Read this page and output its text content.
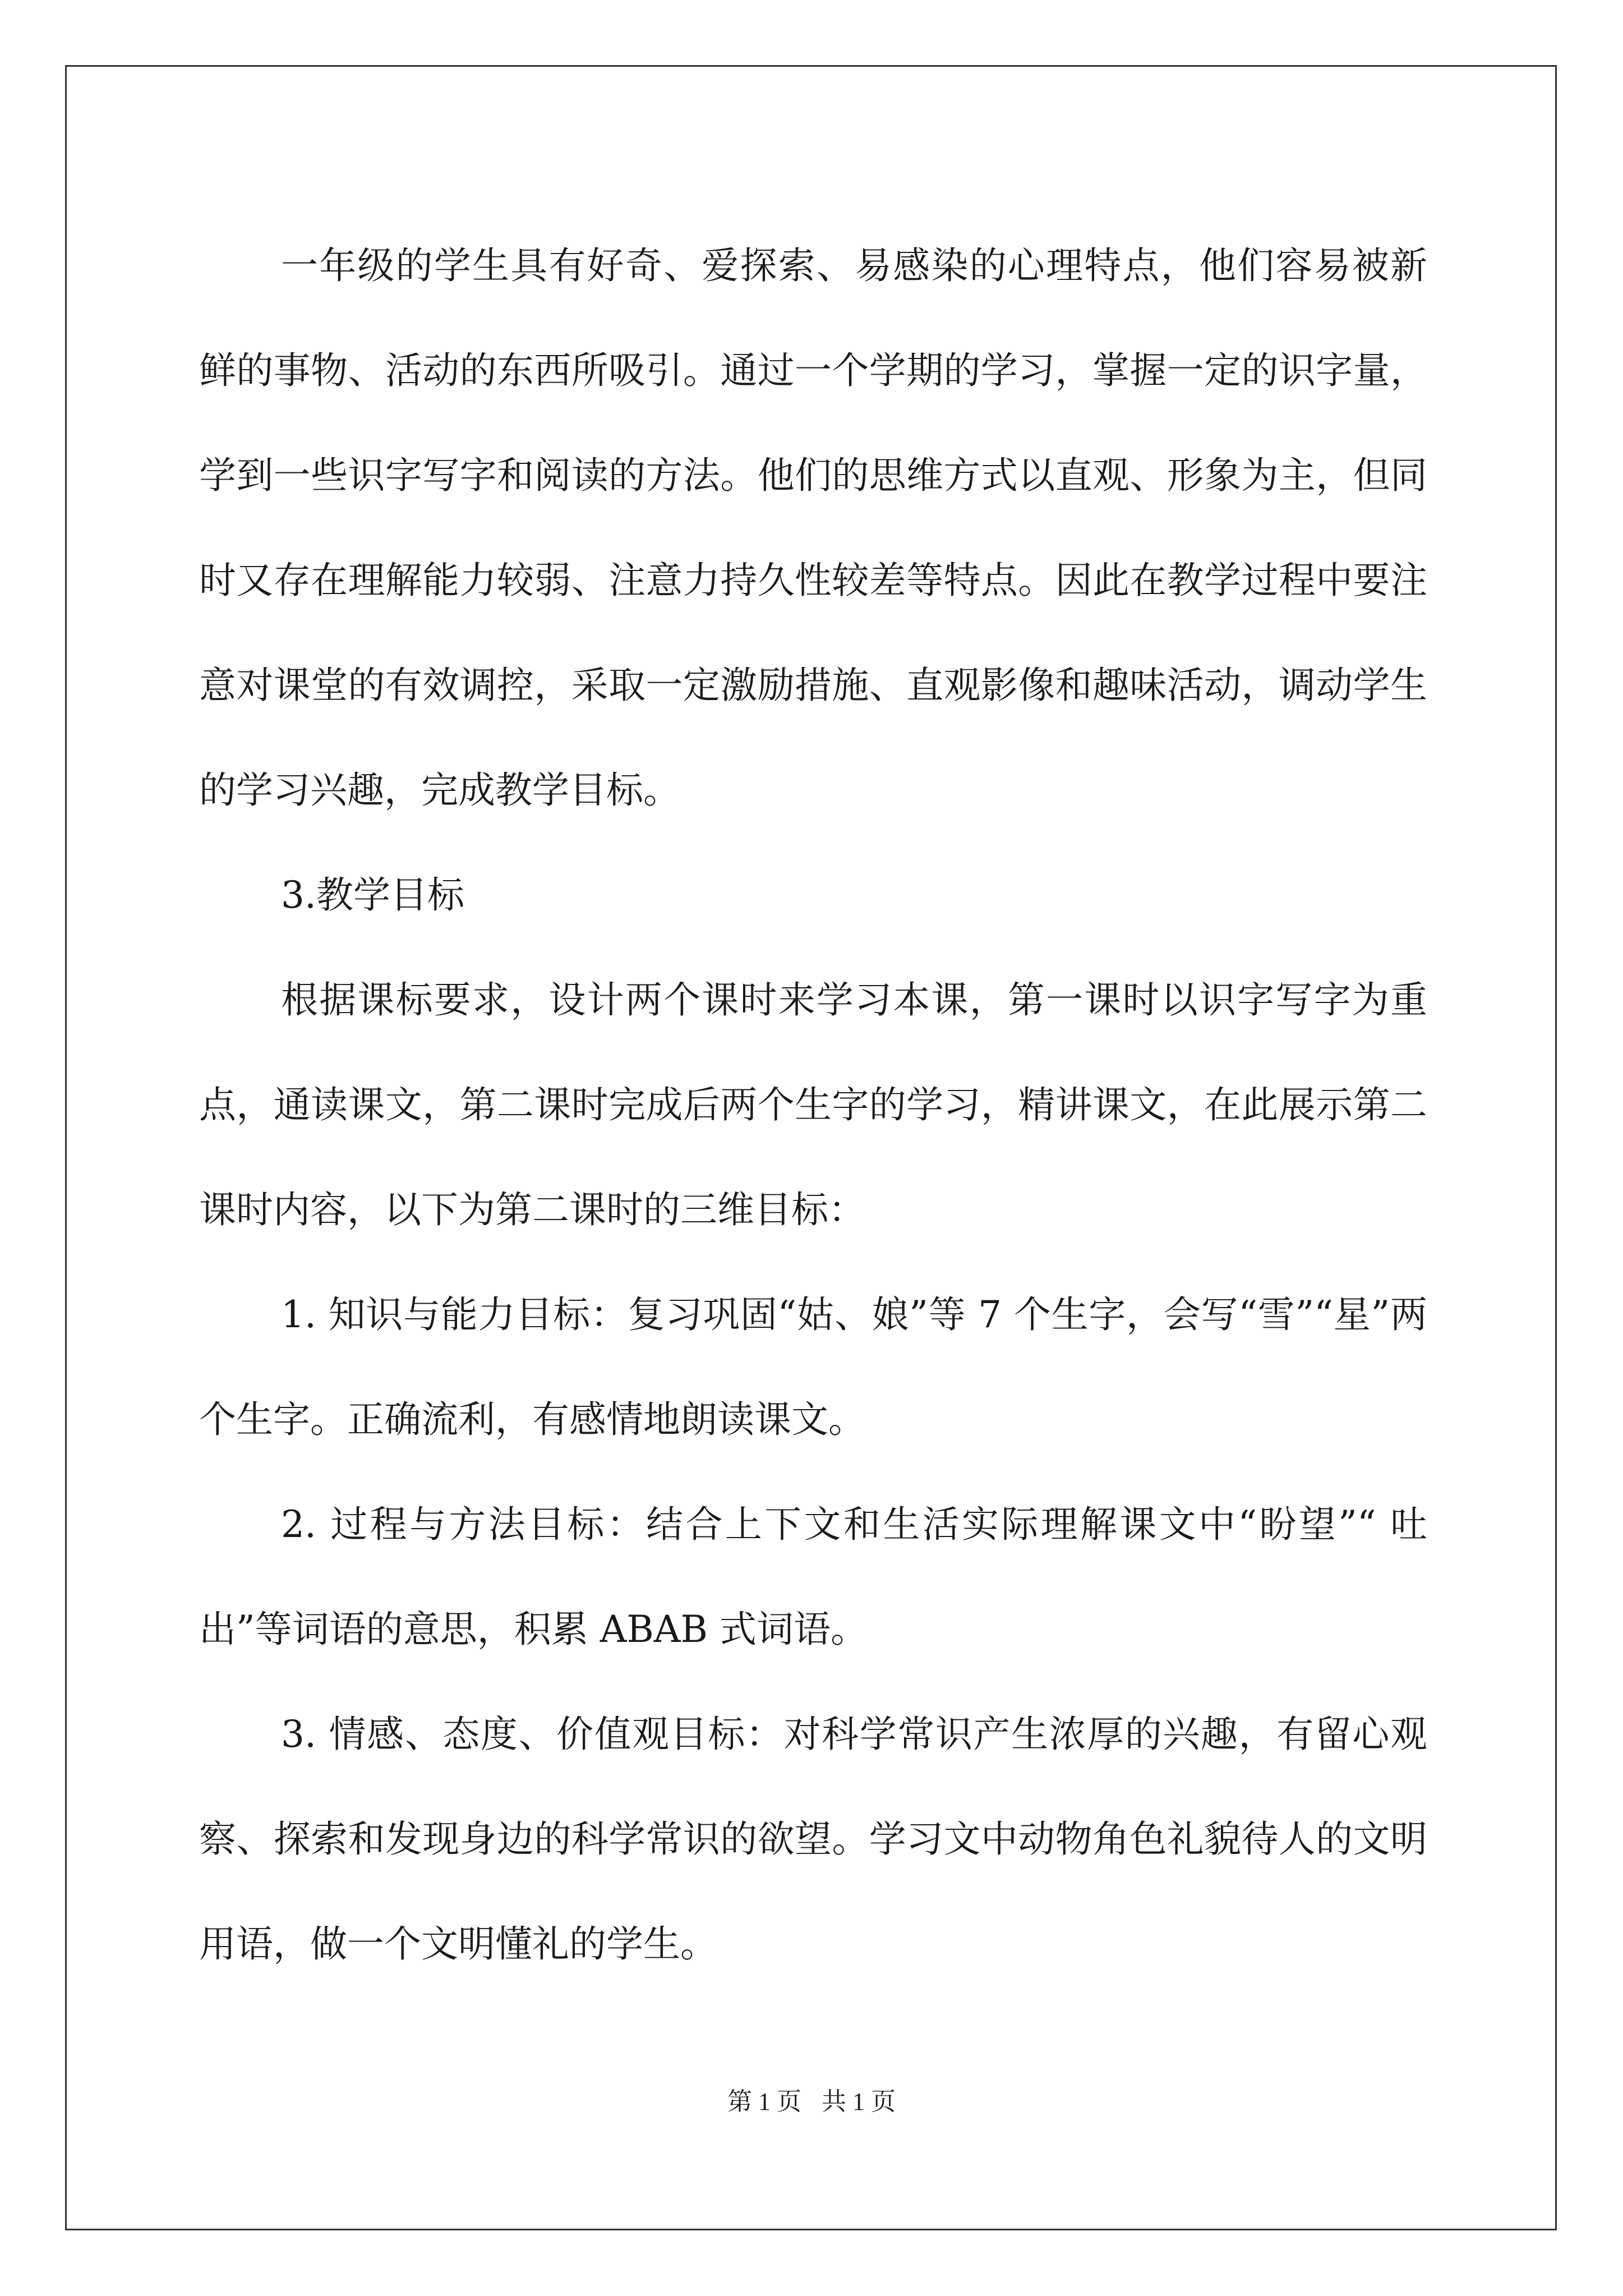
一年级的学生具有好奇、爱探索、易感染的心理特点，他们容易被新鲜的事物、活动的东西所吸引。通过一个学期的学习，掌握一定的识字量，学到一些识字写字和阅读的方法。他们的思维方式以直观、形象为主，但同时又存在理解能力较弱、注意力持久性较差等特点。因此在教学过程中要注意对课堂的有效调控，采取一定激励措施、直观影像和趣味活动，调动学生的学习兴趣，完成教学目标。

3.教学目标

根据课标要求，设计两个课时来学习本课，第一课时以识字写字为重点，通读课文，第二课时完成后两个生字的学习，精讲课文，在此展示第二课时内容，以下为第二课时的三维目标：

1. 知识与能力目标：复习巩固“姑、娘”等 7 个生字，会写“雪”“星”两个生字。正确流利，有感情地朗读课文。

2. 过程与方法目标：结合上下文和生活实际理解课文中“盼望”“ 吐出”等词语的意思，积累 ABAB 式词语。

3. 情感、态度、价值观目标：对科学常识产生浓厚的兴趣，有留心观察、探索和发现身边的科学常识的欲望。学习文中动物角色礼貌待人的文明用语，做一个文明懂礼的学生。

第 1 页 共 1 页
